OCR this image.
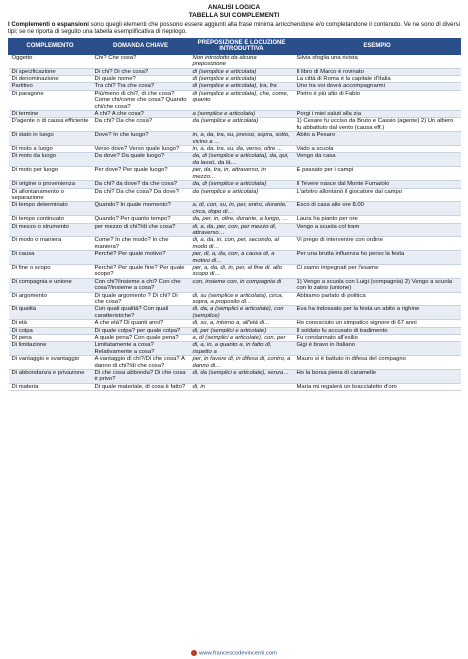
ANALISI LOGICA
TABELLA SUI COMPLEMENTI
I Complementi o espansioni sono quegli elementi che possono essere aggiunti alla frase minima arricchendone e/o completandone il contenuto. Ve ne sono di diversi tipi; se ne riporta di seguito una tabella esemplificativa di riepilogo.
COMPLEMENTO	DOMANDA CHIAVE	PREPOSIZIONE E LOCUZIONE INTRODUTTIVA	ESEMPIO
Oggetto	Chi? Che cosa?	Non introdotto da alcuna preposizione	Silvia sfoglia una rivista
Di specificazione	Di chi? Di che cosa?	di (semplice e articolata)	Il libro di Marco è rovinato
Di denominazione	Di quale nome?	di (semplice e articolata)	La città di Roma è la capitale d'Italia
Partitivo	Tra chi? Tra che cosa?	di (semplice e articolata), tra, fra	Uno tra voi dovrà accompagnarmi
Di paragone	Più/meno di chi?, di che cosa? Come chi/come che cosa? Quando chi/che cosa?	di (semplice e articolata), che, come, quanto	Pietro è più alto di Fabio
Di termine	A chi? A che cosa?	a (semplice e articolata)	Porgi i miei saluti alla zia
D'agente o di causa efficiente	Da chi? Da che cosa?	da (semplice e articolata)	1) Cesare fu ucciso da Bruto e Cassio (agente) 2) Un albero fu abbattuto dal vento (causa eff.)
Di stato in luogo	Dove? In che luogo?	in, a, da, tra, su, presso, sopra, sotto, vicino a …	Abito a Pesaro
Di moto a luogo	Verso dove? Verso quale luogo?	in, a, da, tra, su, da, verso, oltre …	Vado a scuola
Di moto da luogo	Da dove? Da quale luogo?	da, di (semplice e articolata), da, qui, da lassù, da là…	Vengo da casa
Di moto per luogo	Per dove? Per quale luogo?	per, da, tra, in, attraverso, in mezzo…	È passato per i campi
Di origine o provenienza	Da chi? da dove? da che cosa?	da, di (semplice e articolata)	Il Tevere nasce dal Monte Fumaiolo
Di allontanamento o separazione	Da chi? Da che cosa? Da dove?	da (semplice e articolata)	L'arbitro allontanò il giocatore dal campo
Di tempo determinato	Quando? In quale momento?	a, di, con, su, in, per, entro, durante, circa, dopo di…	Esco di casa alle ore 8.00
Di tempo continuato	Quando? Per quanto tempo?	da, per, in, oltre, durante, a lungo, …	Laura ha pianto per ore
Di mezzo o strumento	per mezzo di chi?/di che cosa?	di, a, da, per, con, per mezzo di, attraverso…	Vengo a scuola col tram
Di modo o maniera	Come? In che modo? In che maniera?	di, a, da, in, con, per, secondo, al modo di…	Vi prego di intervenire con ordine
Di causa	Perché? Per quale motivo?	per, di, a, da, con, a causa di, a motivo di…	Per una brutta influenza ho perso la festa
Di fine o scopo	Perché? Per quale fine? Per quale scopo?	per, a, da, di, in, per, al fine di, allo scopo di…	Ci siamo impegnati per l'esame
Di compagnia e unione	Con chi?/insieme a chi? Con che cosa?/insieme a cosa?	con, insieme con, in compagnia di	1) Vengo a scuola con Luigi (compagnia) 2) Vengo a scuola con lo zaino (unione)
Di argomento	Di quale argomento ? Di chi? Di che cosa?	di, su (semplice e articolata), circa, sopra, a proposito di…	Abbiamo parlato di politica
Di qualità	Con quali qualità? Con quali caratteristiche?	di, da, a (semplici e articolate), con (semplice)	Eva ha indossato per la festa un abito a righine
Di età	A che età? Di quanti anni?	di, su, a, intorno a, all'età di…	Ho conosciuto un simpatico signore di 67 anni
Di colpa	Di quale colpa? per quale colpa?	di, per (semplici e articolate)	Il soldato fu accusato di tradimento
Di pena	A quale pena? Con quale pena?	a, di (semplici e articolate), con, per	Fu condannato all'esilio
Di limitazione	Limitatamente a cosa? Relativamente a cosa?	di, a, in, a quanto a, in fatto di, rispetto a	Gigi è bravo in Italiano
Di vantaggio e svantaggio	A vantaggio di chi?/Di che cosa? A danno di chi?/di che cosa?	per, in favore di, in difesa di, contro, a danno di…	Mauro si è battuto in difesa del compagno
Di abbondanza e privazione	Di che cosa abbonda? Di che cosa è privo?	di, da (semplici e articolate), senza…	Ho la borsa piena di caramelle
Di materia	Di quale materiale, di cosa è fatto?	di, in	Maria mi regalerà un braccialetto d'oro
www.francescodevincenti.com
